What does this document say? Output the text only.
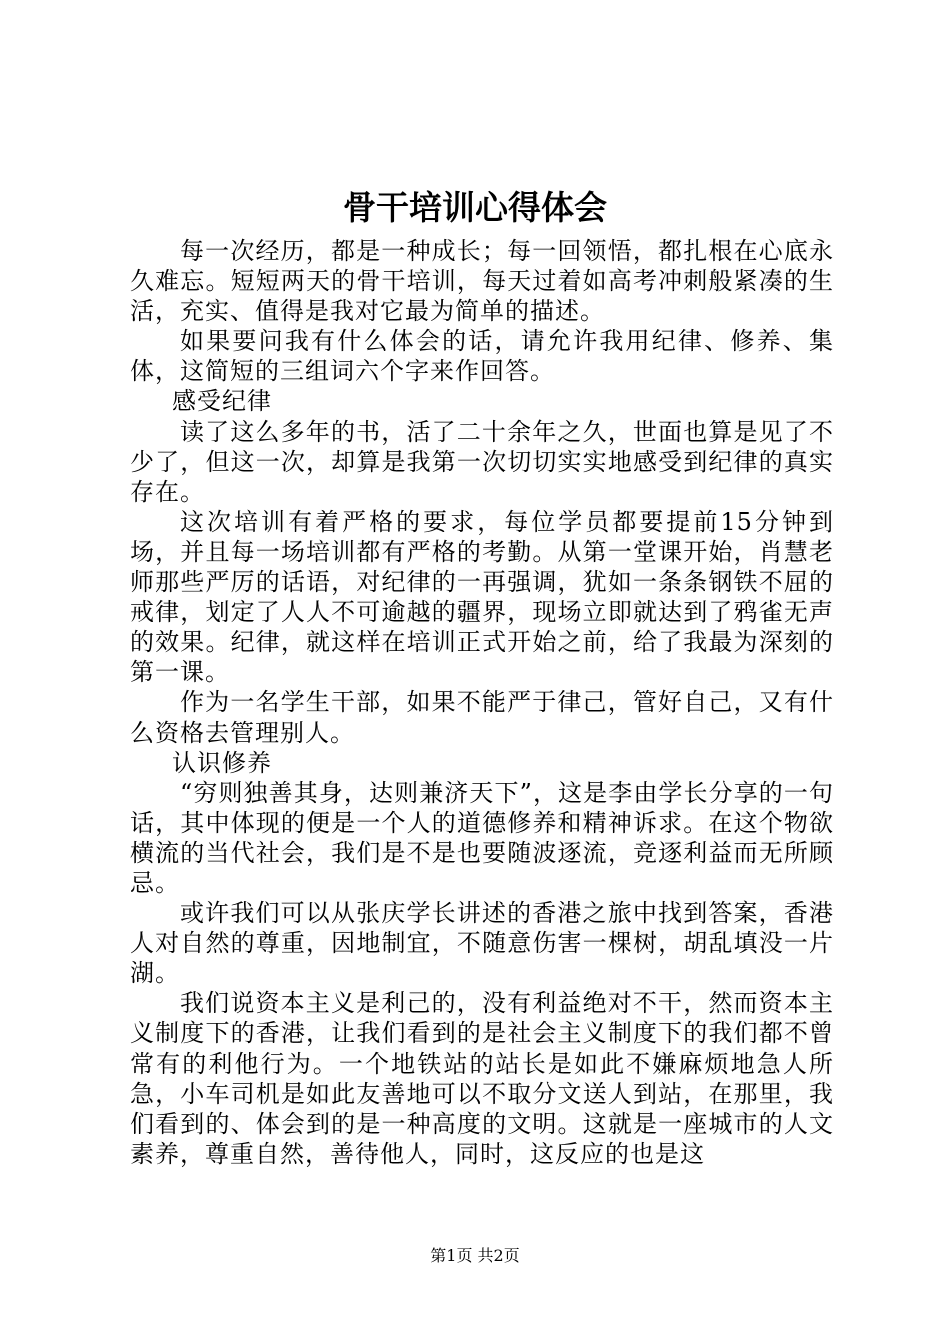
骨干培训心得体会

每一次经历，都是一种成长；每一回领悟，都扎根在心底永久难忘。短短两天的骨干培训，每天过着如高考冲刺般紧凑的生活，充实、值得是我对它最为简单的描述。

如果要问我有什么体会的话，请允许我用纪律、修养、集体，这简短的三组词六个字来作回答。

感受纪律

读了这么多年的书，活了二十余年之久，世面也算是见了不少了，但这一次，却算是我第一次切切实实地感受到纪律的真实存在。

这次培训有着严格的要求，每位学员都要提前15分钟到场，并且每一场培训都有严格的考勤。从第一堂课开始，肖慧老师那些严厉的话语，对纪律的一再强调，犹如一条条钢铁不屈的戒律，划定了人人不可逾越的疆界，现场立即就达到了鸦雀无声的效果。纪律，就这样在培训正式开始之前，给了我最为深刻的第一课。

作为一名学生干部，如果不能严于律己，管好自己，又有什么资格去管理别人。

认识修养

“穷则独善其身，达则兼济天下”，这是李由学长分享的一句话，其中体现的便是一个人的道德修养和精神诉求。在这个物欲横流的当代社会，我们是不是也要随波逐流，竞逐利益而无所顾忌。

或许我们可以从张庆学长讲述的香港之旅中找到答案，香港人对自然的尊重，因地制宜，不随意伤害一棵树，胡乱填没一片湖。

我们说资本主义是利己的，没有利益绝对不干，然而资本主义制度下的香港，让我们看到的是社会主义制度下的我们都不曾常有的利他行为。一个地铁站的站长是如此不嫌麻烦地急人所急，小车司机是如此友善地可以不取分文送人到站，在那里，我们看到的、体会到的是一种高度的文明。这就是一座城市的人文素养，尊重自然，善待他人，同时，这反应的也是这

第1页 共2页
